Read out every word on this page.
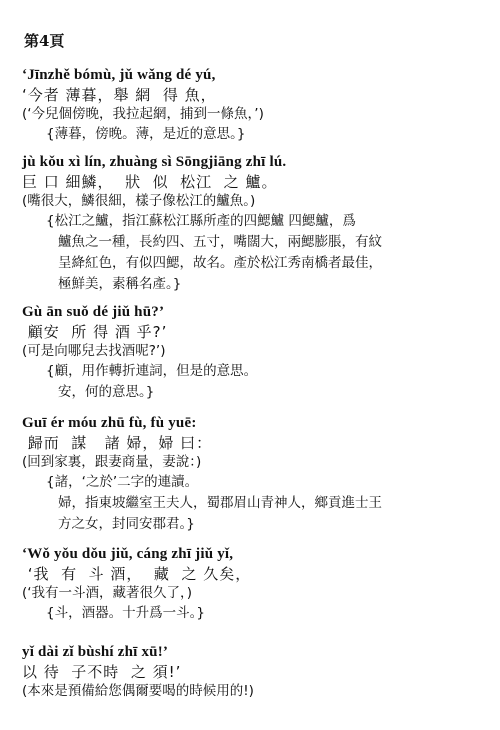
第4頁
‘Jīnzhě bómù, jǔ wǎng dé yú,
‘今者 薄暮，舉 網  得 魚，
(‘今兒個傍晚，我拉起網，捕到一條魚，’)
{薄暮，傍晚。薄，是近的意思。}
jù kǒu xì lín, zhuàng sì Sōngjiāng zhī lú.
巨 口 細鱗，  狀  似  松江  之 鱸。
(嘴很大，鱗很細，樣子像松江的鱸魚。)
{松江之鱸，指江蘇松江縣所產的四鰓鱸 四鰓鱸，爲
鱸魚之一種，長約四、五寸，嘴闊大，兩鰓膨脹，有紋
呈絳紅色，有似四鰓，故名。產於松江秀南橋者最佳，
極鮮美，素稱名產。}
Gù ān suǒ dé jiǔ hū?’
顧安  所 得 酒 乎?’
(可是向哪兒去找酒呢?’)
{顧，用作轉折連詞，但是的意思。
安，何的意思。}
Guī ér móu zhū fù, fù yuē:
歸而  謀   諸 婦，婦 曰：
(回到家裏，跟妻商量，妻說：)
{諸，‘之於’二字的連讀。
婦，指東坡繼室王夫人，蜀郡眉山青神人，鄉貢進士王
方之女，封同安郡君。}
‘Wǒ yǒu dǒu jiǔ, cáng zhī jiǔ yǐ,
‘我  有  斗 酒，  藏  之 久矣，
(‘我有一斗酒，藏著很久了，)
{斗，酒器。十升爲一斗。}
yǐ dài zǐ bùshí zhī xū!’
以 待  子不時  之 須!’
(本來是預備給您偶爾要喝的時候用的!)
